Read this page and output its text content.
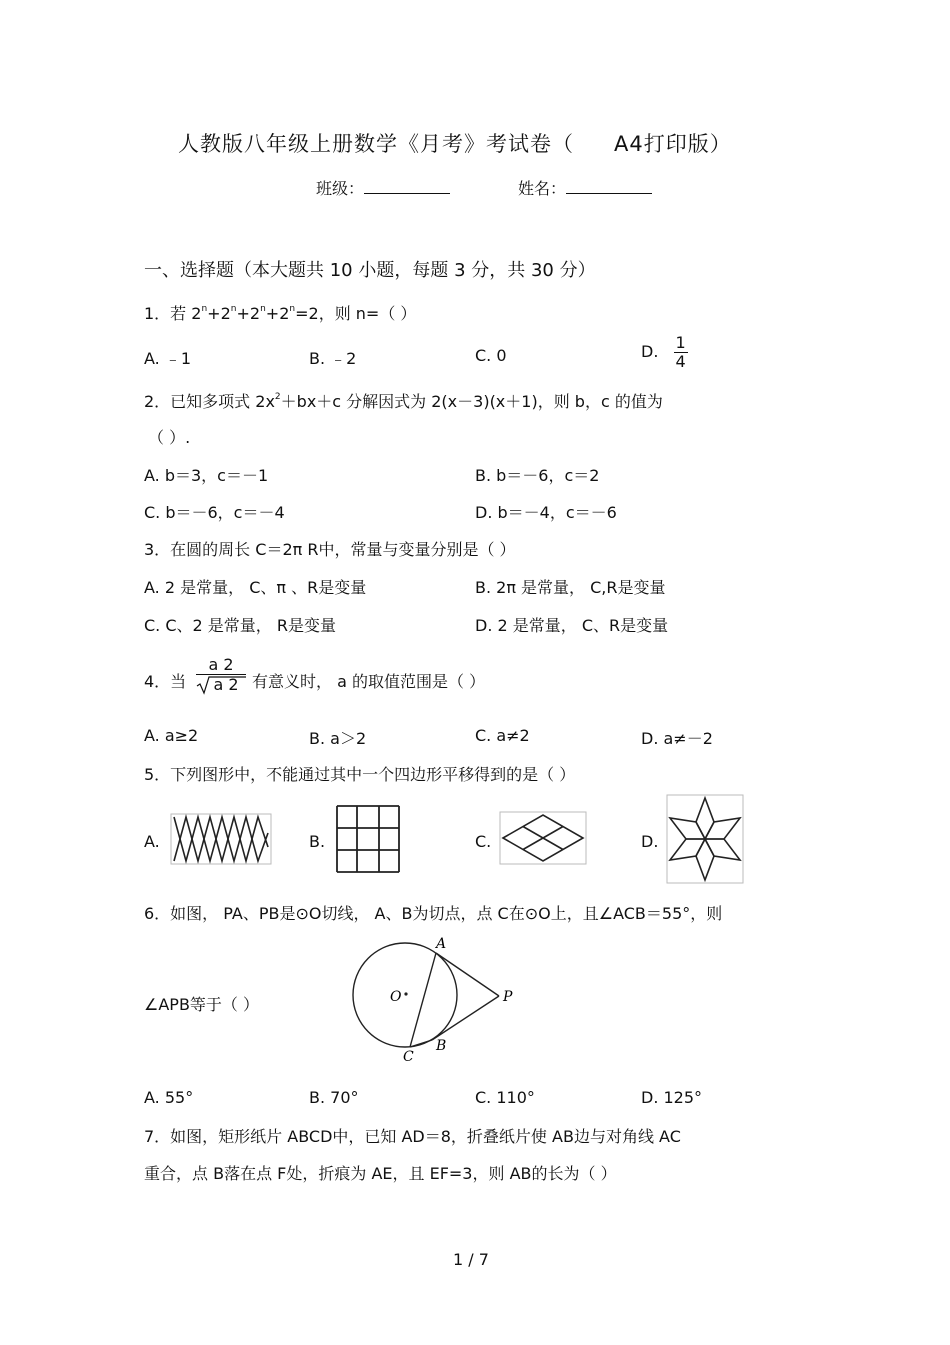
人教版八年级上册数学《月考》考试卷（ A4打印版）
班级：	姓名：
一、选择题（本大题共 10 小题，每题 3 分，共 30 分）
1．若 $2^n+2^n+2^n+2^n=2$，则 n=（ ）
A. ﹣1	B. ﹣2	C. 0	D. $\frac{1}{4}$
2．已知多项式 $2x^2+bx+c$ 分解因式为 2(x－3)(x＋1)，则 b，c 的值为
（ ）.
A. b＝3，c＝－1	B. b＝－6，c＝2
C. b＝－6，c＝－4	D. b＝－4，c＝－6
3．在圆的周长 C＝2π R中，常量与变量分别是（ ）
A. 2 是常量， C、π 、R是变量	B. 2π 是常量， C,R是变量
C. C、2 是常量， R是变量	D. 2 是常量， C、R是变量
4．当 $\frac{a 2}{a 2}$ 有意义时， a 的取值范围是（ ）
A. a≥2	B. a＞2	C. a≠2	D. a≠－2
5．下列图形中，不能通过其中一个四边形平移得到的是（ ）
A.	B.	C.	D.
6．如图， PA、PB是⊙O切线， A、B为切点，点 C在⊙O上，且∠ACB＝55°，则
∠APB等于（ ）
A
P
O
C
B
A. 55°	B. 70°	C. 110°	D. 125°
7．如图，矩形纸片 ABCD中，已知 AD＝8，折叠纸片使 AB边与对角线 AC
重合，点 B落在点 F处，折痕为 AE，且 EF=3，则 AB的长为（ ）
1 / 7
